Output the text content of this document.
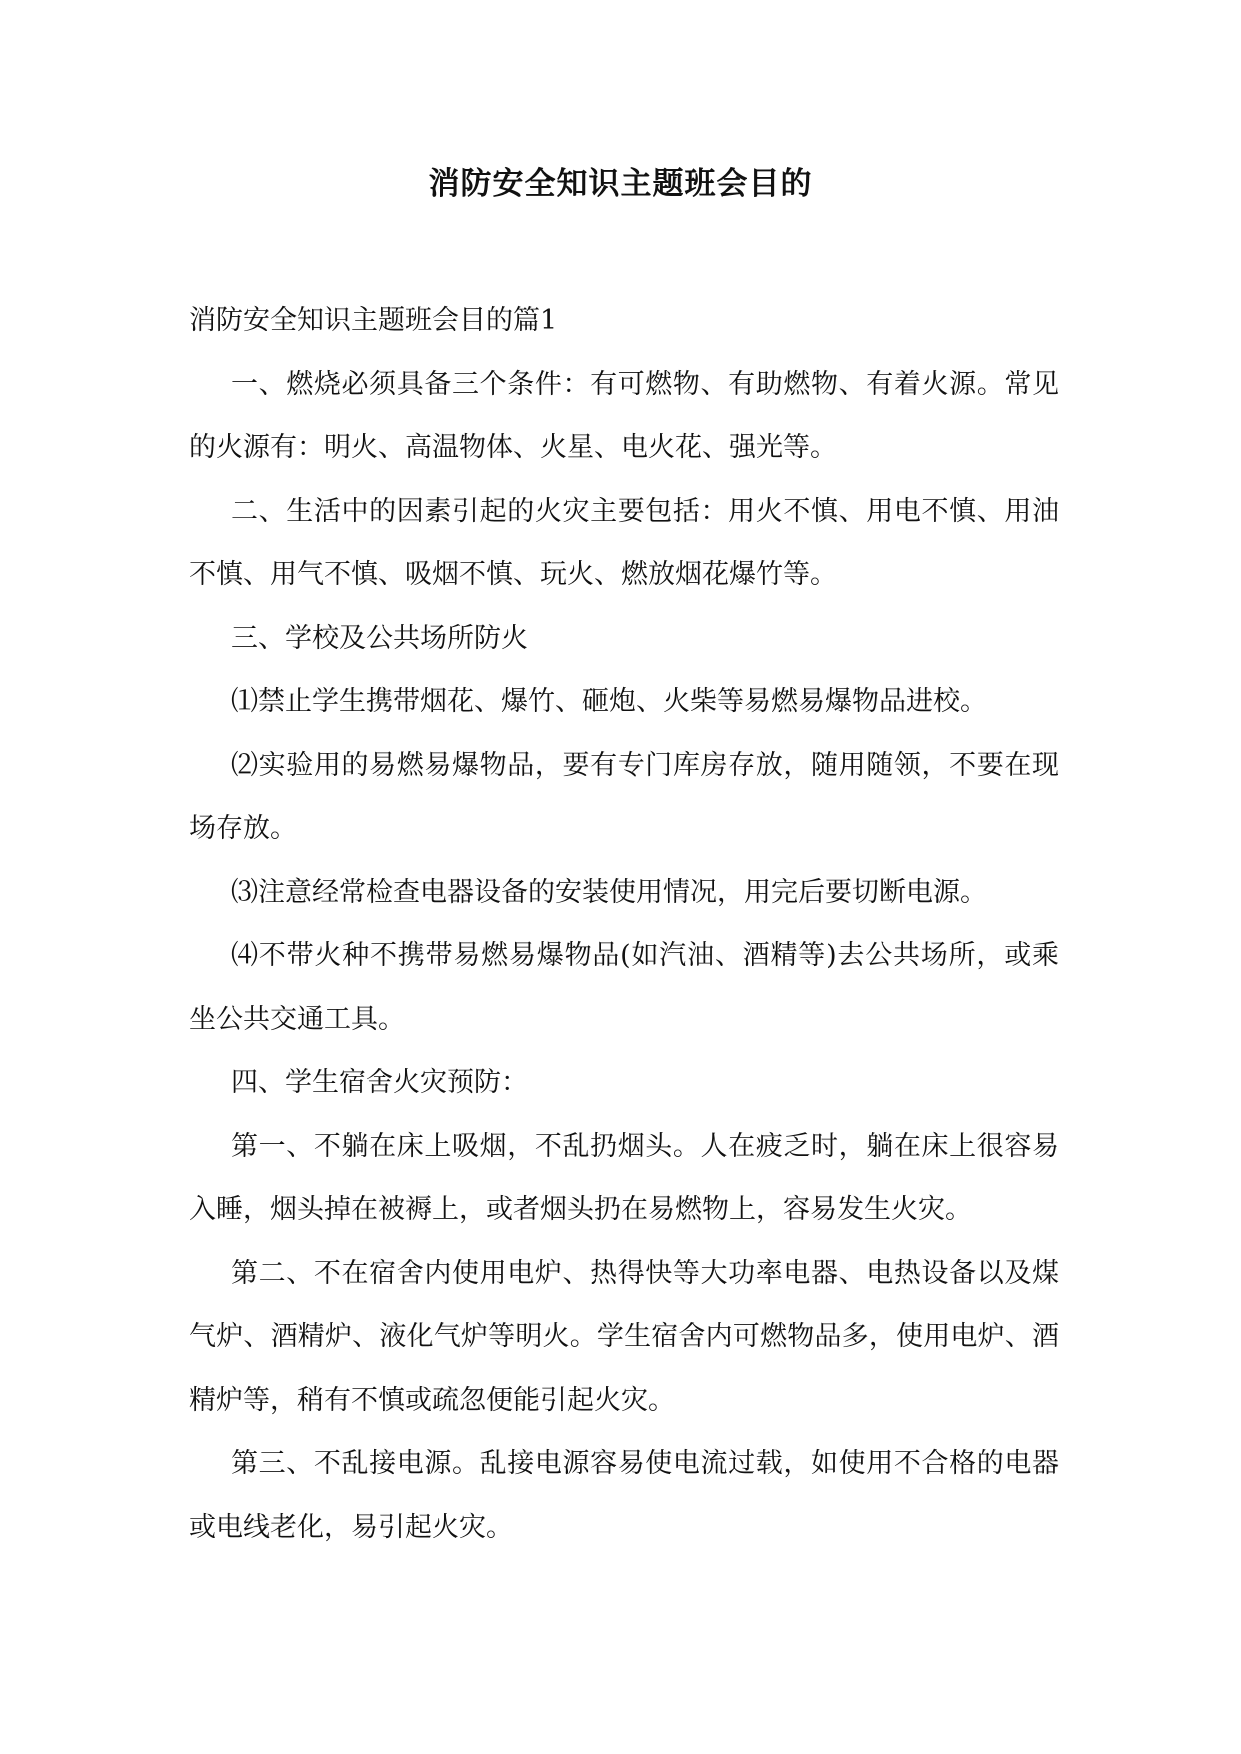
消防安全知识主题班会目的

消防安全知识主题班会目的篇1

一、燃烧必须具备三个条件：有可燃物、有助燃物、有着火源。常见的火源有：明火、高温物体、火星、电火花、强光等。

二、生活中的因素引起的火灾主要包括：用火不慎、用电不慎、用油不慎、用气不慎、吸烟不慎、玩火、燃放烟花爆竹等。

三、学校及公共场所防火

⑴禁止学生携带烟花、爆竹、砸炮、火柴等易燃易爆物品进校。

⑵实验用的易燃易爆物品，要有专门库房存放，随用随领，不要在现场存放。

⑶注意经常检查电器设备的安装使用情况，用完后要切断电源。

⑷不带火种不携带易燃易爆物品(如汽油、酒精等)去公共场所，或乘坐公共交通工具。

四、学生宿舍火灾预防：

第一、不躺在床上吸烟，不乱扔烟头。人在疲乏时，躺在床上很容易入睡，烟头掉在被褥上，或者烟头扔在易燃物上，容易发生火灾。

第二、不在宿舍内使用电炉、热得快等大功率电器、电热设备以及煤气炉、酒精炉、液化气炉等明火。学生宿舍内可燃物品多，使用电炉、酒精炉等，稍有不慎或疏忽便能引起火灾。

第三、不乱接电源。乱接电源容易使电流过载，如使用不合格的电器或电线老化，易引起火灾。
